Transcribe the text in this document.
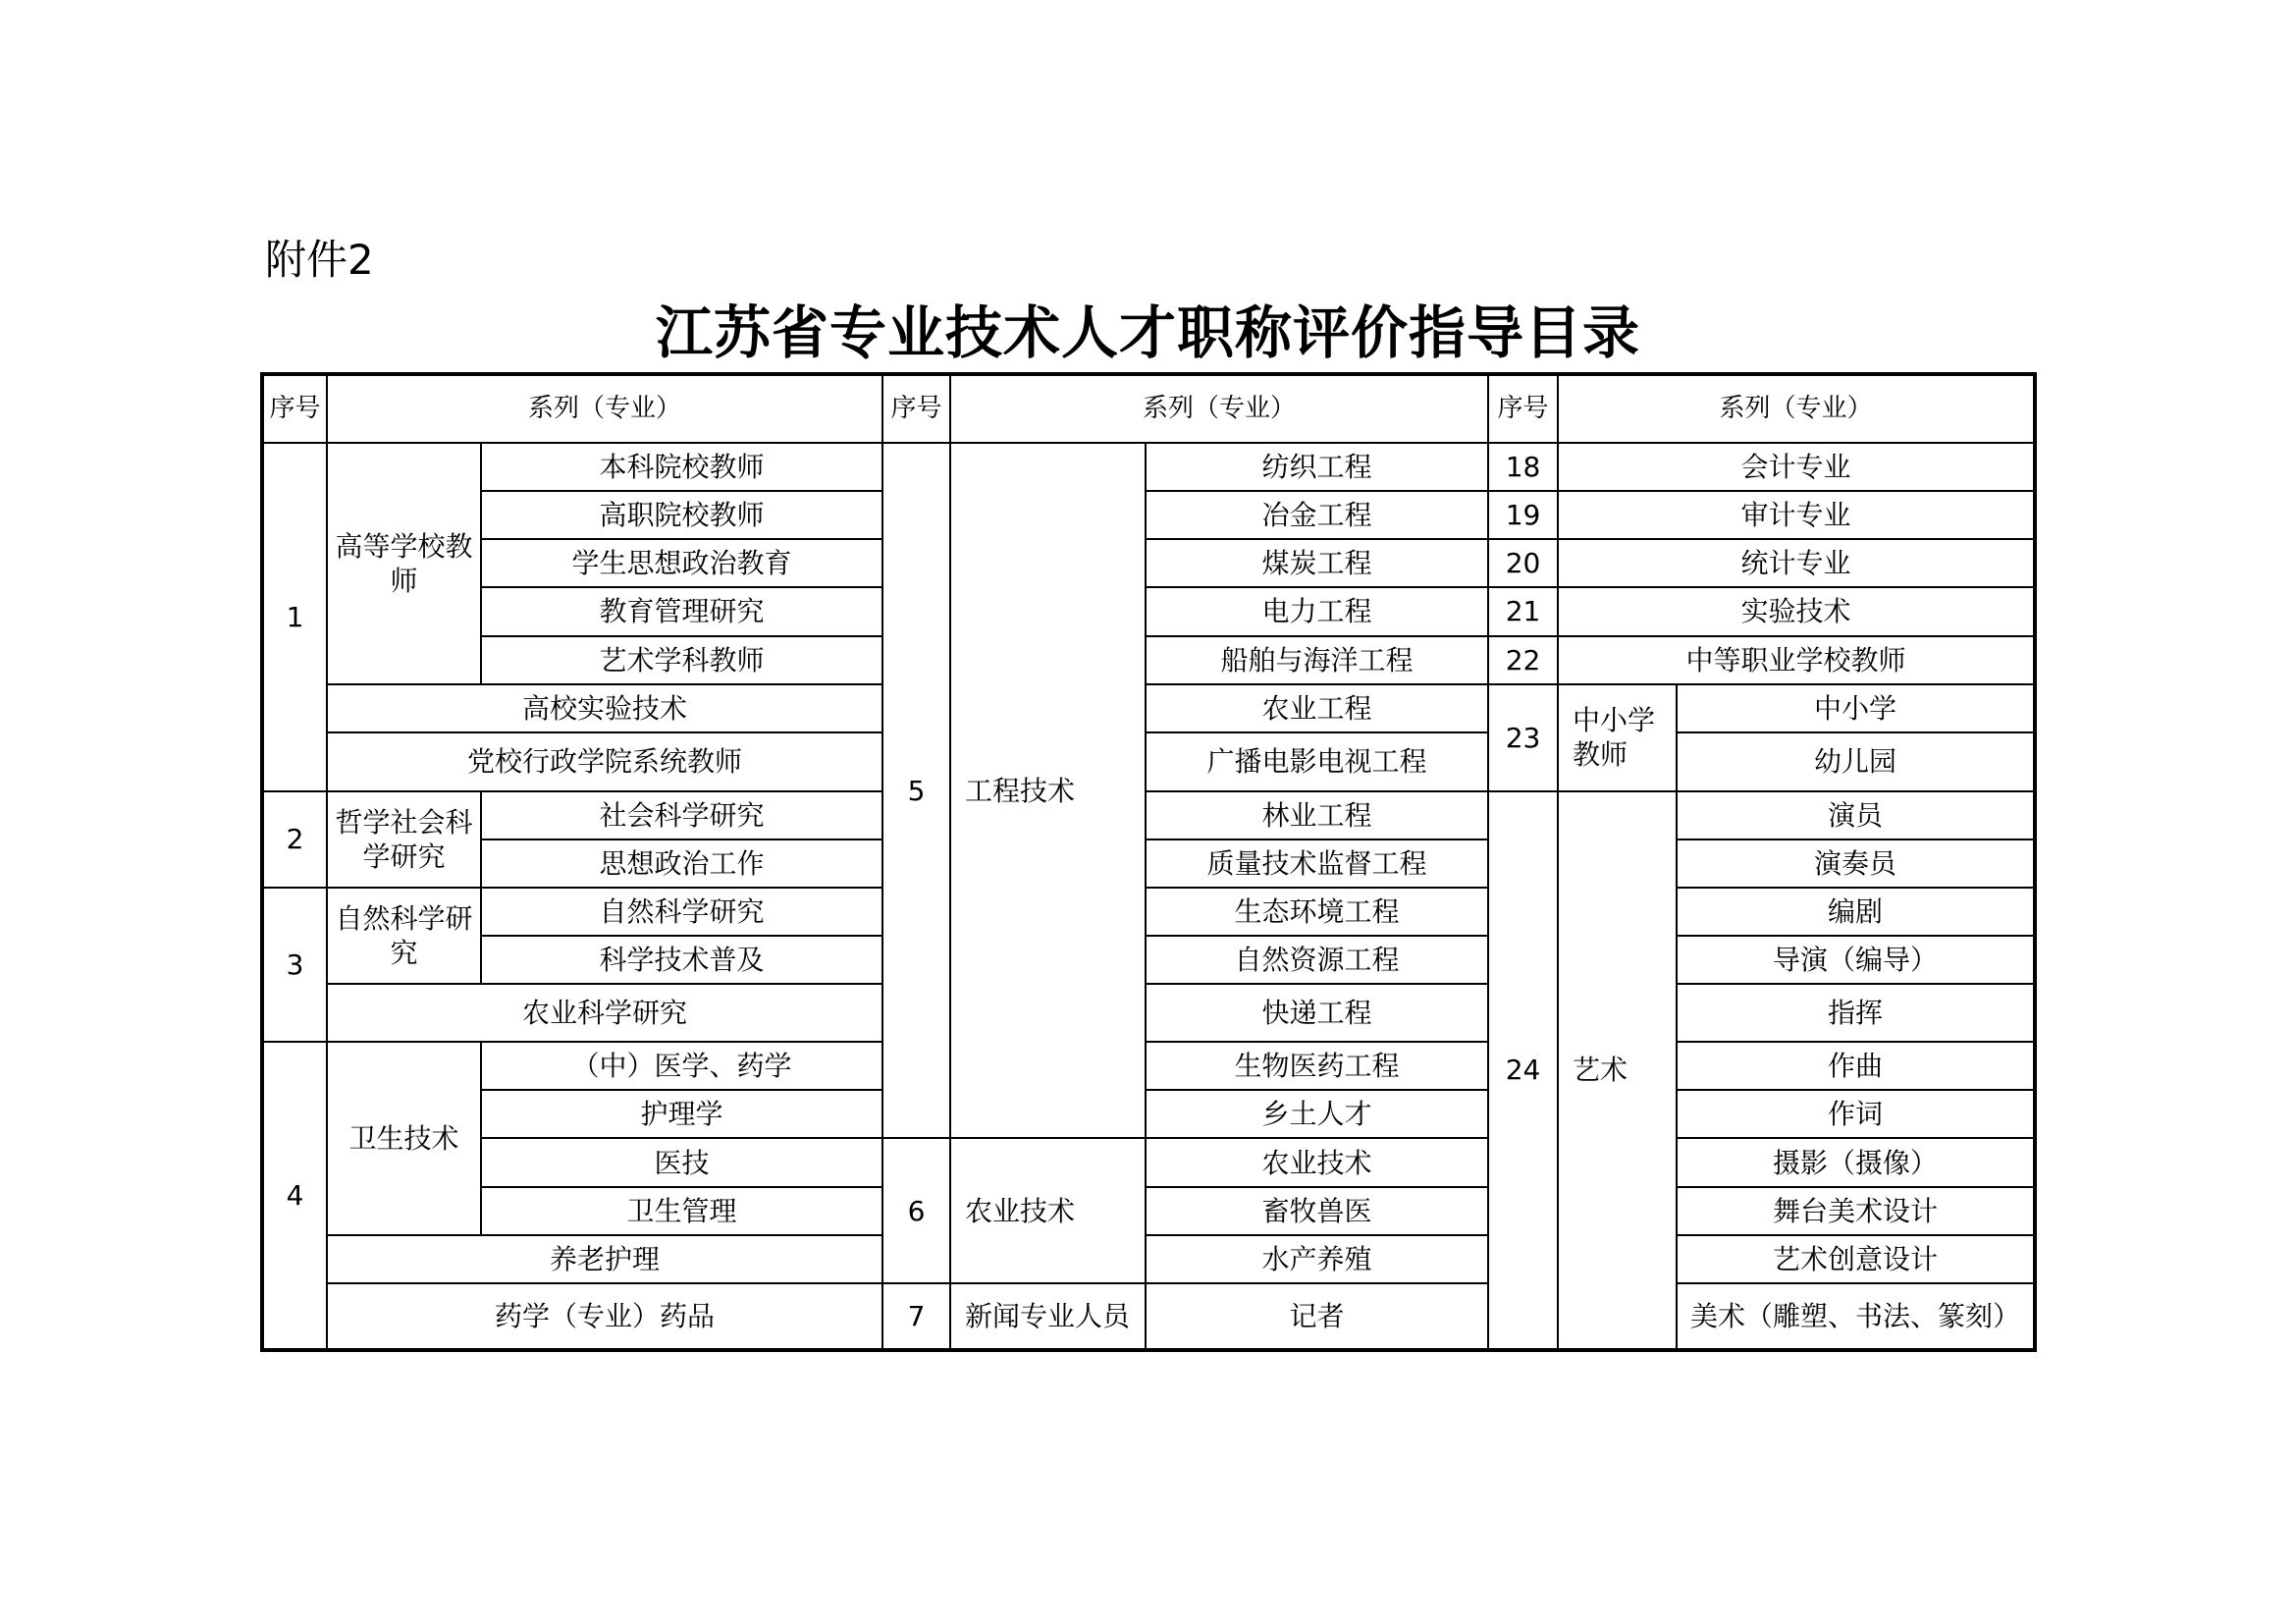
附件2
江苏省专业技术人才职称评价指导目录
序号	系列（专业）		序号	系列（专业）		序号	系列（专业）	
1	高等学校教师	本科院校教师	5	工程技术	纺织工程	18	会计专业	
		高职院校教师			冶金工程	19	审计专业	
		学生思想政治教育			煤炭工程	20	统计专业	
		教育管理研究			电力工程	21	实验技术	
		艺术学科教师			船舶与海洋工程	22	中等职业学校教师	
	高校实验技术				农业工程	23	中小学教师	中小学
	党校行政学院系统教师				广播电影电视工程			幼儿园
2	哲学社会科学研究	社会科学研究			林业工程	24	艺术	演员
		思想政治工作			质量技术监督工程			演奏员
3	自然科学研究	自然科学研究			生态环境工程			编剧
		科学技术普及			自然资源工程			导演（编导）
	农业科学研究				快递工程			指挥
4	卫生技术	（中）医学、药学			生物医药工程			作曲
		护理学			乡土人才			作词
		医技	6	农业技术	农业技术			摄影（摄像）
		卫生管理			畜牧兽医			舞台美术设计
	养老护理				水产养殖			艺术创意设计
	药学（专业）药品		7	新闻专业人员	记者			美术（雕塑、书法、篆刻）
